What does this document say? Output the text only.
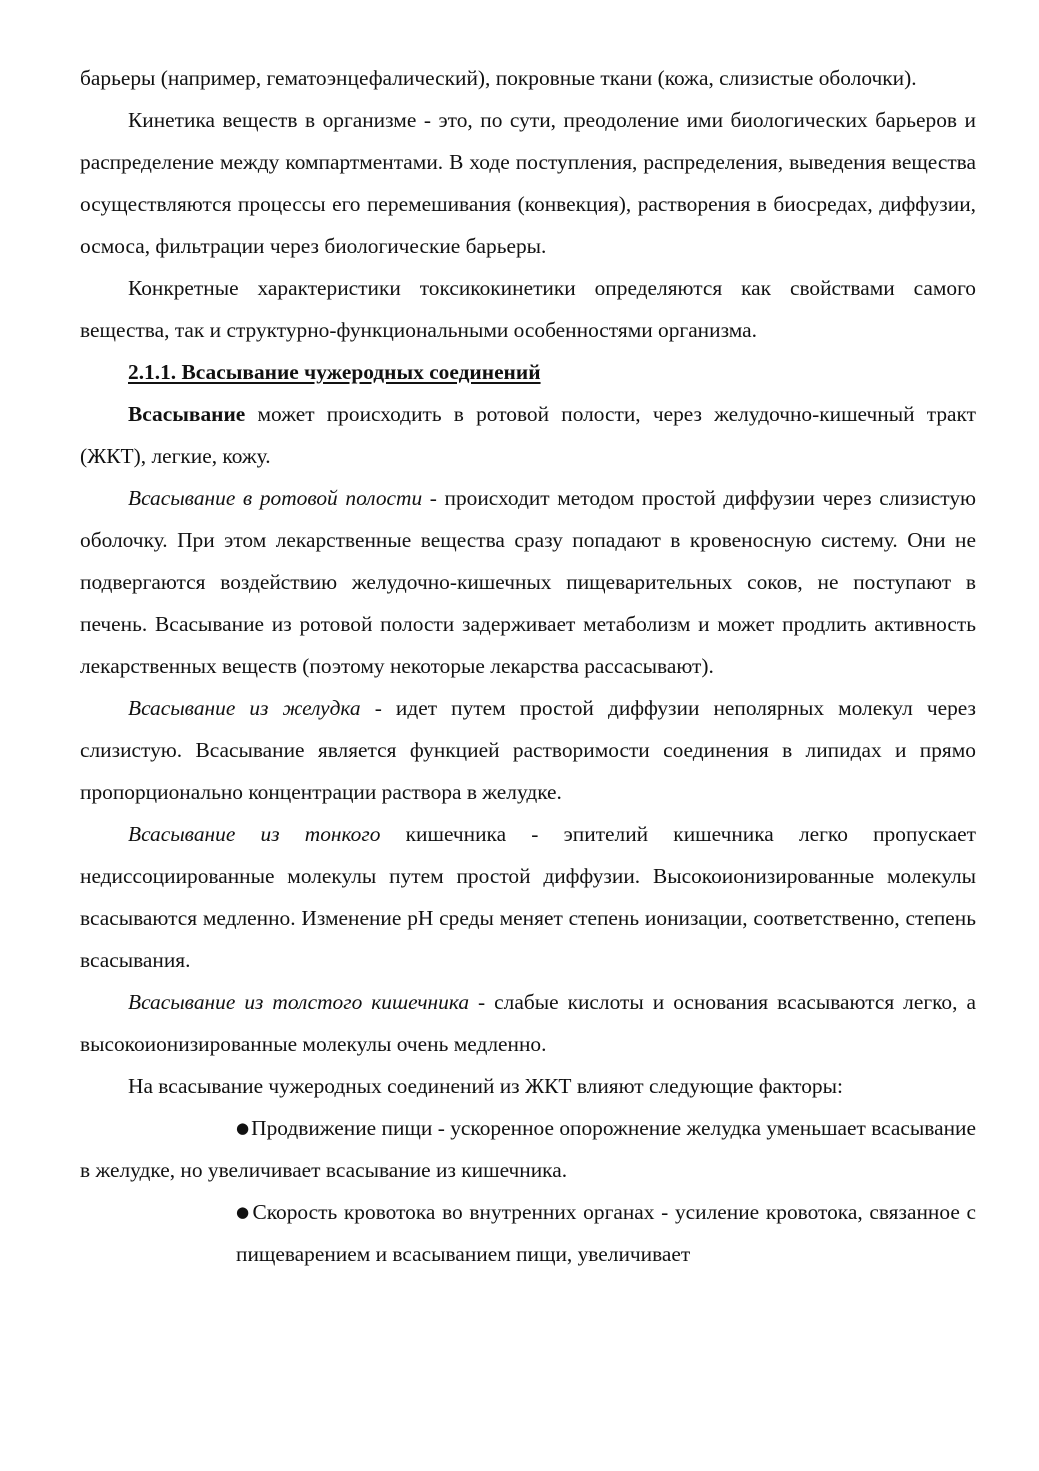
барьеры (например, гематоэнцефалический), покровные ткани (кожа, слизистые оболочки).

Кинетика веществ в организме - это, по сути, преодоление ими биологических барьеров и распределение между компартментами. В ходе поступления, распределения, выведения вещества осуществляются процессы его перемешивания (конвекция), растворения в биосредах, диффузии, осмоса, фильтрации через биологические барьеры.

Конкретные характеристики токсикокинетики определяются как свойствами самого вещества, так и структурно-функциональными особенностями организма.

2.1.1. Всасывание чужеродных соединений

Всасывание может происходить в ротовой полости, через желудочно-кишечный тракт (ЖКТ), легкие, кожу.

Всасывание в ротовой полости - происходит методом простой диффузии через слизистую оболочку. При этом лекарственные вещества сразу попадают в кровеносную систему. Они не подвергаются воздействию желудочно-кишечных пищеварительных соков, не поступают в печень. Всасывание из ротовой полости задерживает метаболизм и может продлить активность лекарственных веществ (поэтому некоторые лекарства рассасывают).

Всасывание из желудка - идет путем простой диффузии неполярных молекул через слизистую. Всасывание является функцией растворимости соединения в липидах и прямо пропорционально концентрации раствора в желудке.

Всасывание из тонкого кишечника - эпителий кишечника легко пропускает недиссоциированные молекулы путем простой диффузии. Высокоионизированные молекулы всасываются медленно. Изменение pH среды меняет степень ионизации, соответственно, степень всасывания.

Всасывание из толстого кишечника - слабые кислоты и основания всасываются легко, а высокоионизированные молекулы очень медленно.

На всасывание чужеродных соединений из ЖКТ влияют следующие факторы:

●Продвижение пищи - ускоренное опорожнение желудка уменьшает всасывание в желудке, но увеличивает всасывание из кишечника.

●Скорость кровотока во внутренних органах - усиление кровотока, связанное с пищеварением и всасыванием пищи, увеличивает
